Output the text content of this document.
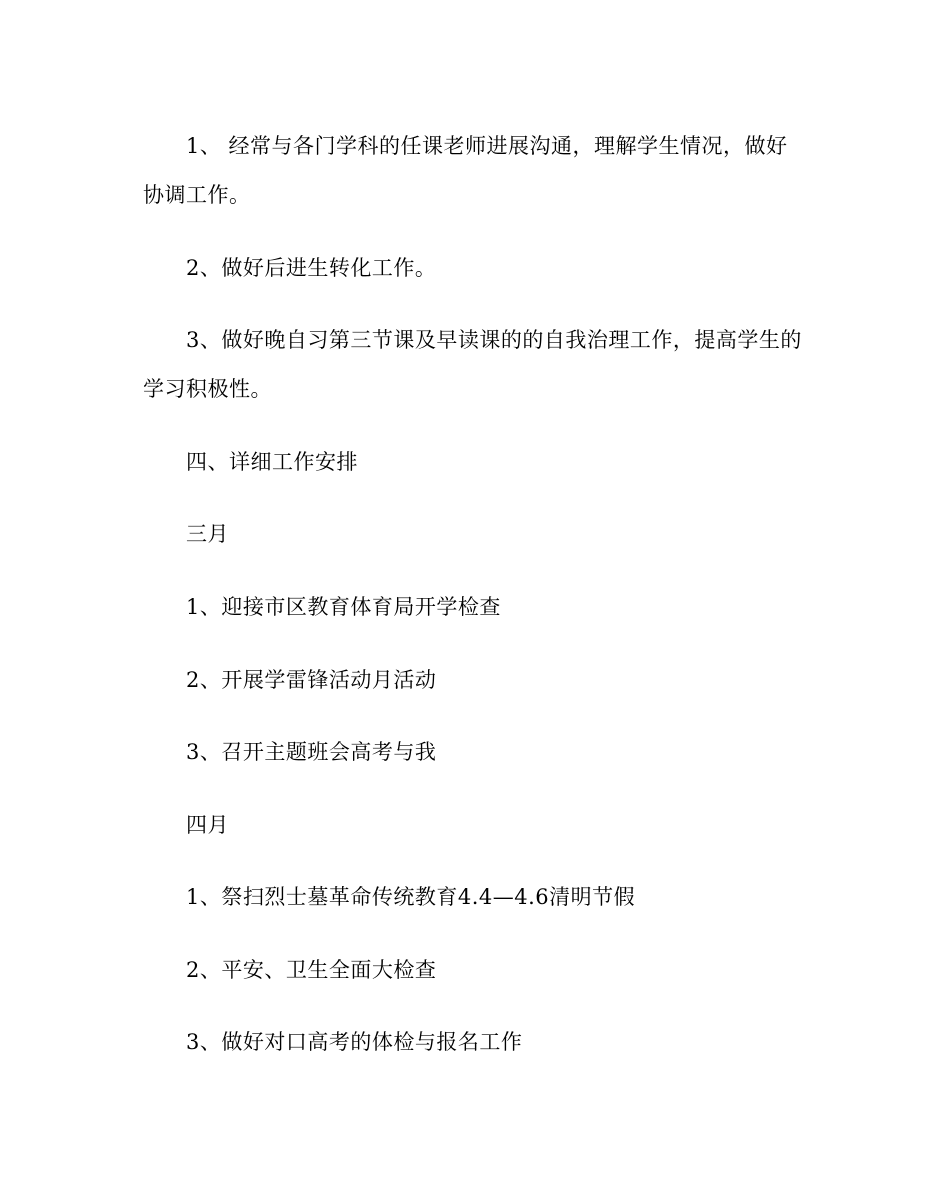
1、 经常与各门学科的任课老师进展沟通，理解学生情况，做好
协调工作。
2、做好后进生转化工作。
3、做好晚自习第三节课及早读课的的自我治理工作，提高学生的
学习积极性。
四、详细工作安排
三月
1、迎接市区教育体育局开学检查
2、开展学雷锋活动月活动
3、召开主题班会高考与我
四月
1、祭扫烈士墓革命传统教育4.4—4.6清明节假
2、平安、卫生全面大检查
3、做好对口高考的体检与报名工作
